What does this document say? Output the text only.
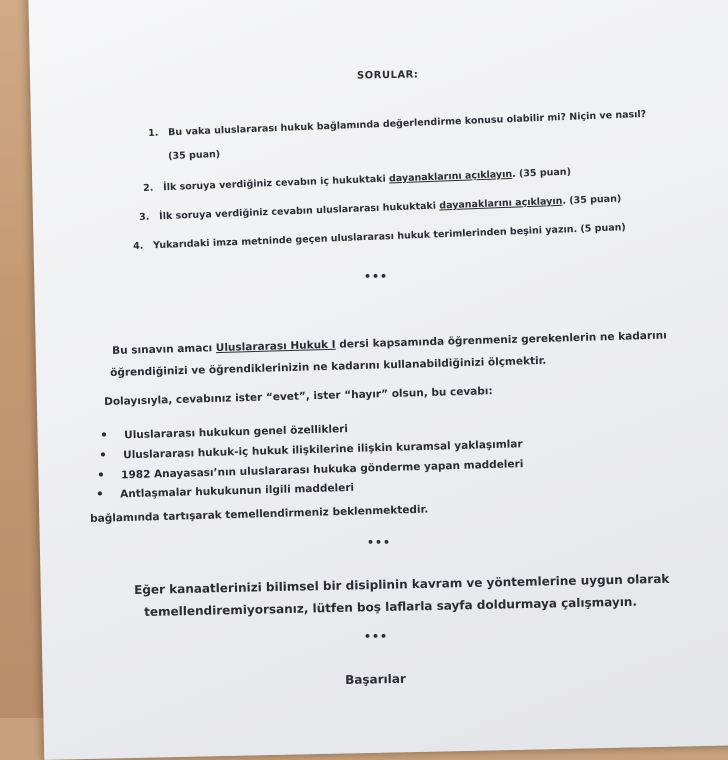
SORULAR:
1. Bu vaka uluslararası hukuk bağlamında değerlendirme konusu olabilir mi? Niçin ve nasıl?
(35 puan)
2. İlk soruya verdiğiniz cevabın iç hukuktaki dayanaklarını açıklayın. (35 puan)
3. İlk soruya verdiğiniz cevabın uluslararası hukuktaki dayanaklarını açıklayın. (35 puan)
4. Yukarıdaki imza metninde geçen uluslararası hukuk terimlerinden beşini yazın. (5 puan)
•••
Bu sınavın amacı Uluslararası Hukuk I dersi kapsamında öğrenmeniz gerekenlerin ne kadarını
öğrendiğinizi ve öğrendiklerinizin ne kadarını kullanabildiğinizi ölçmektir.
Dolayısıyla, cevabınız ister “evet”, ister “hayır” olsun, bu cevabı:
• Uluslararası hukukun genel özellikleri
• Uluslararası hukuk-iç hukuk ilişkilerine ilişkin kuramsal yaklaşımlar
• 1982 Anayasası’nın uluslararası hukuka gönderme yapan maddeleri
• Antlaşmalar hukukunun ilgili maddeleri
bağlamında tartışarak temellendirmeniz beklenmektedir.
•••
Eğer kanaatlerinizi bilimsel bir disiplinin kavram ve yöntemlerine uygun olarak
temellendiremiyorsanız, lütfen boş laflarla sayfa doldurmaya çalışmayın.
•••
Başarılar
